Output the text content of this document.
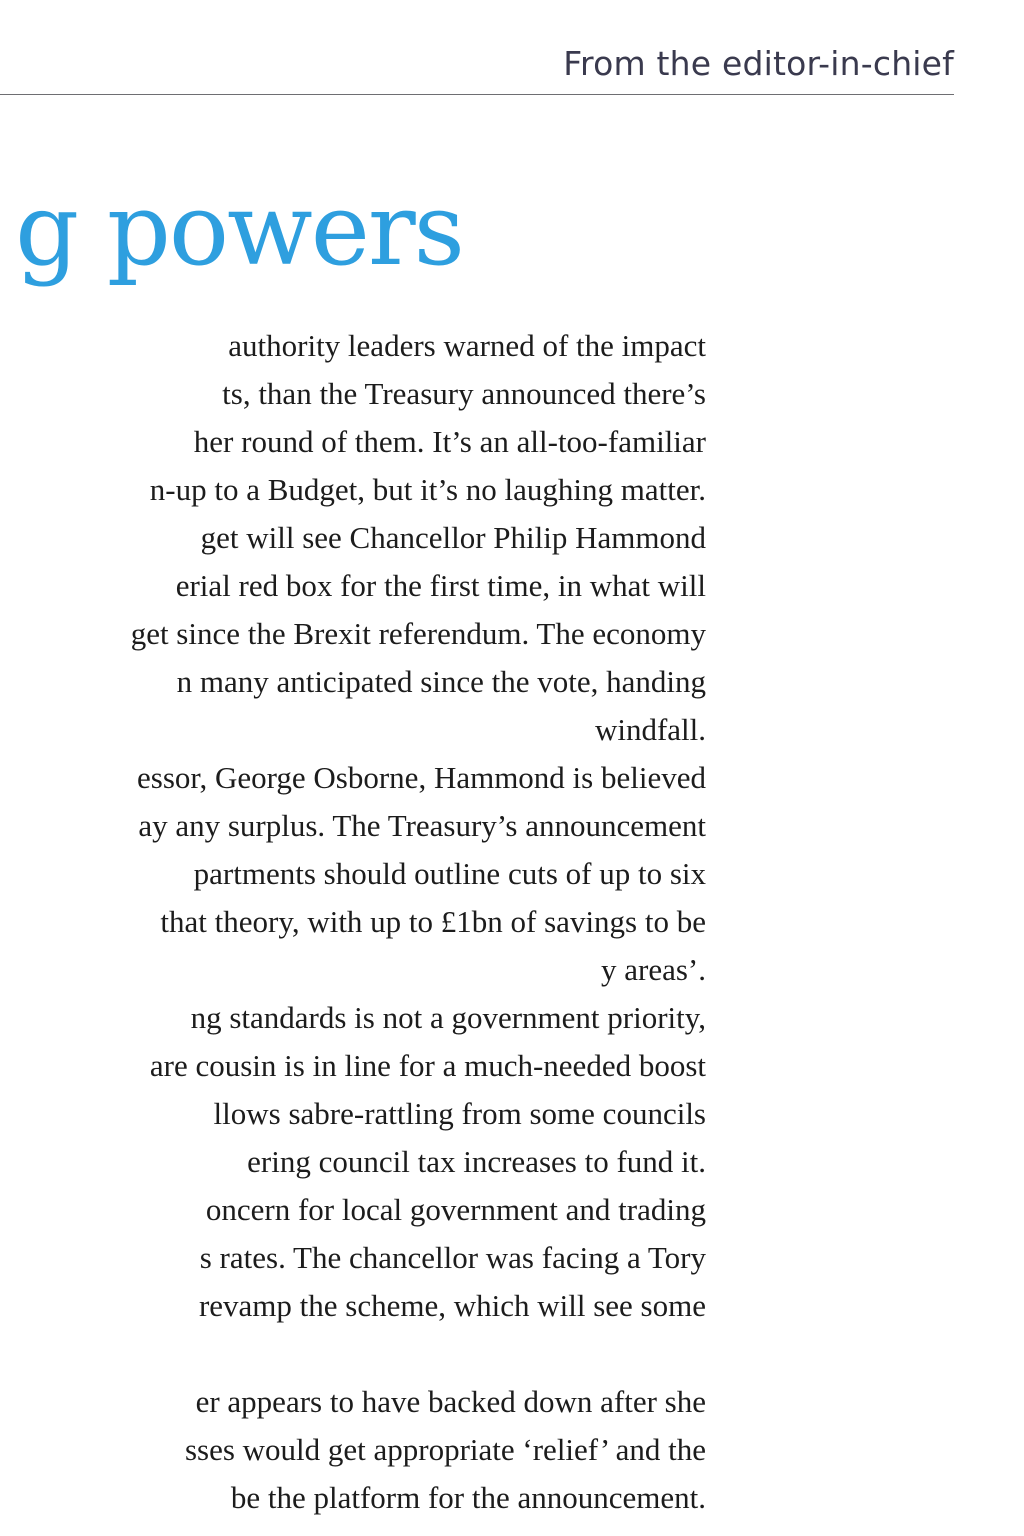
From the editor-in-chief
g powers
authority leaders warned of the impact
ts, than the Treasury announced there’s
her round of them. It’s an all-too-familiar
n-up to a Budget, but it’s no laughing matter.
get will see Chancellor Philip Hammond
erial red box for the first time, in what will
get since the Brexit referendum. The economy
n many anticipated since the vote, handing
windfall.
essor, George Osborne, Hammond is believed
ay any surplus. The Treasury’s announcement
partments should outline cuts of up to six
that theory, with up to £1bn of savings to be
y areas’.
ng standards is not a government priority,
are cousin is in line for a much-needed boost
llows sabre-rattling from some councils
ering council tax increases to fund it.
oncern for local government and trading
s rates. The chancellor was facing a Tory
revamp the scheme, which will see some
er appears to have backed down after she
sses would get appropriate ‘relief’ and the
be the platform for the announcement.
